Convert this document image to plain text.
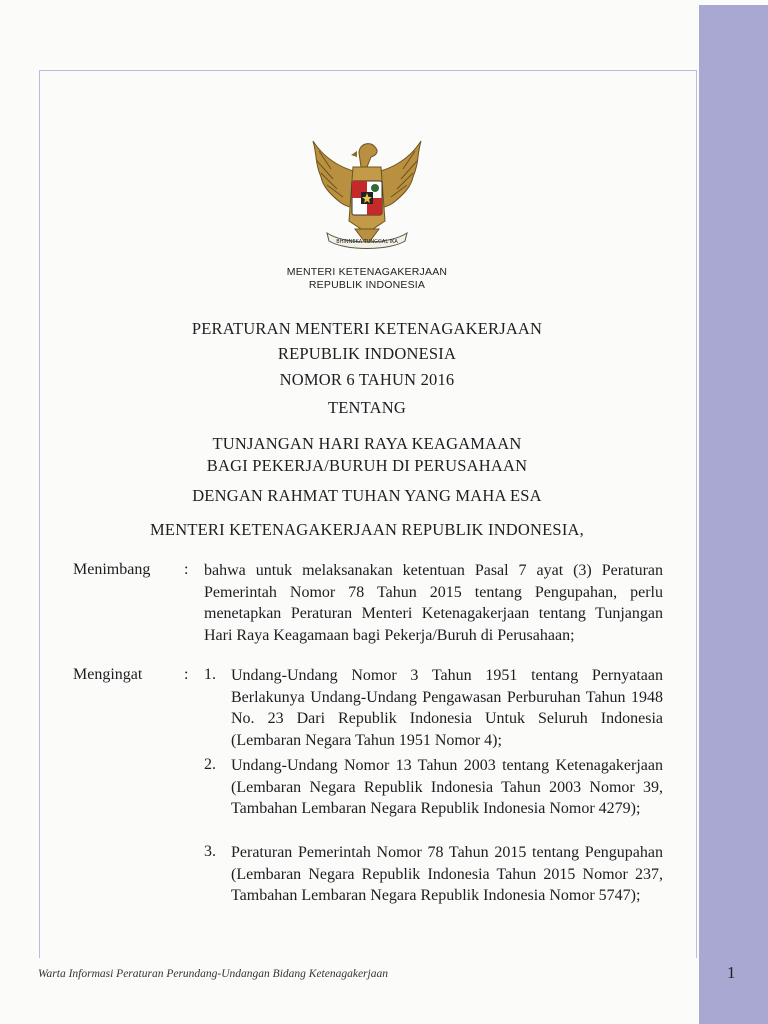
BHINNEKA TUNGGAL IKA
MENTERI KETENAGAKERJAAN
REPUBLIK INDONESIA
PERATURAN MENTERI KETENAGAKERJAAN
REPUBLIK INDONESIA
NOMOR 6 TAHUN 2016
TENTANG
TUNJANGAN HARI RAYA KEAGAMAAN
BAGI PEKERJA/BURUH DI PERUSAHAAN
DENGAN RAHMAT TUHAN YANG MAHA ESA
MENTERI KETENAGAKERJAAN REPUBLIK INDONESIA,
Menimbang : bahwa untuk melaksanakan ketentuan Pasal 7 ayat (3) Peraturan Pemerintah Nomor 78 Tahun 2015 tentang Pengupahan, perlu menetapkan Peraturan Menteri Ketenagakerjaan tentang Tunjangan Hari Raya Keagamaan bagi Pekerja/Buruh di Perusahaan;
Mengingat	: 1. Undang-Undang Nomor 3 Tahun 1951 tentang Pernyataan Berlakunya Undang-Undang Pengawasan Perburuhan Tahun 1948 No. 23 Dari Republik Indonesia Untuk Seluruh Indonesia (Lembaran Negara Tahun 1951 Nomor 4);
2. Undang-Undang Nomor 13 Tahun 2003 tentang Ketenagakerjaan (Lembaran Negara Republik Indonesia Tahun 2003 Nomor 39, Tambahan Lembaran Negara Republik Indonesia Nomor 4279);
3. Peraturan Pemerintah Nomor 78 Tahun 2015 tentang Pengupahan (Lembaran Negara Republik Indonesia Tahun 2015 Nomor 237, Tambahan Lembaran Negara Republik Indonesia Nomor 5747);
Warta Informasi Peraturan Perundang-Undangan Bidang Ketenagakerjaan	1
